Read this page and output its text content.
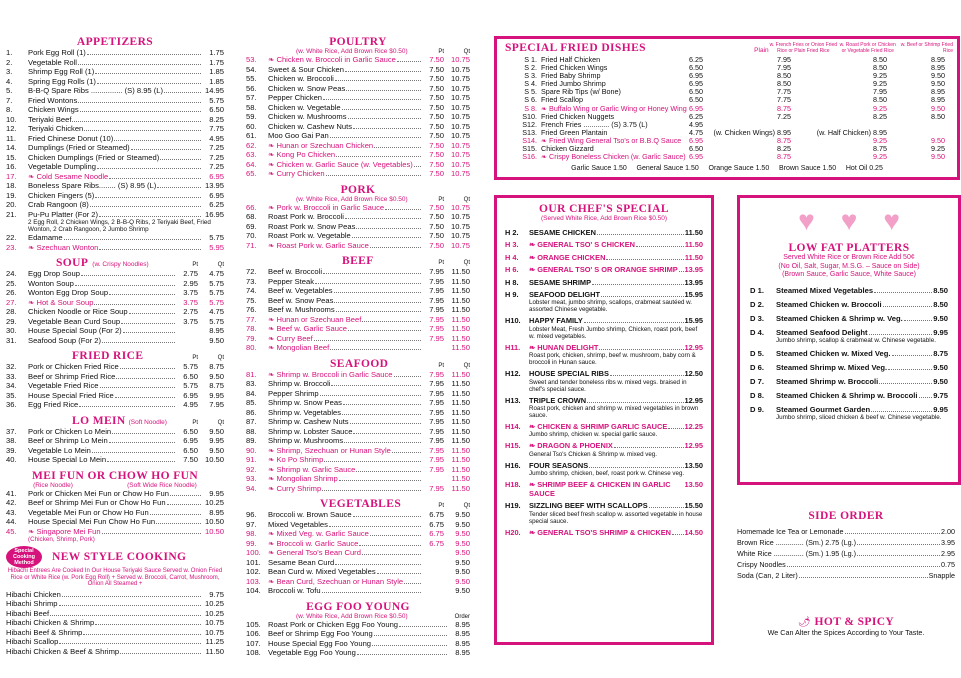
APPETIZERS
1.	Pork Egg Roll (1)	1.75
2.	Vegetable Roll	1.75
3.	Shrimp Egg Roll (1)	1.85
4.	Spring Egg Rolls (1)	1.85
5.	B-B-Q Spare Ribs ............... (S) 8.95 (L)	14.95
7.	Fried Wontons	5.75
8.	Chicken Wings	6.50
10.	Teriyaki Beef	8.25
12.	Teriyaki Chicken	7.75
11.	Fried Chinese Donut (10)	4.95
14.	Dumplings (Fried or Steamed)	7.25
15.	Chicken Dumplings (Fried or Steamed)	7.25
16.	Vegetable Dumpling	7.25
17.	❧ Cold Sesame Noodle	6.95
18.	Boneless Spare Ribs........ (S) 8.95 (L)	13.95
19.	Chicken Fingers (5)	6.95
20.	Crab Rangoon (8)	6.25
21.	Pu-Pu Platter (For 2)	16.95
2 Egg Roll, 2 Chicken Wings, 2 B-B-Q Ribs, 2 Teriyaki Beef, Fried Wonton, 2 Crab Rangoon, 2 Jumbo Shrimp
22.	Edamame	5.75
23.	❧ Szechuan Wonton	5.95
SOUP (w. Crispy Noodles)	Pt	Qt
24.	Egg Drop Soup	2.75	4.75
25.	Wonton Soup	2.95	5.75
26.	Wonton Egg Drop Soup	3.75	5.75
27.	❧ Hot & Sour Soup	3.75	5.75
28.	Chicken Noodle or Rice Soup	2.75	4.75
29.	Vegetable Bean Curd Soup	3.75	5.75
30.	House Special Soup (For 2)	8.95
31.	Seafood Soup (For 2)	9.50
FRIED RICE	Pt	Qt
32.	Pork or Chicken Fried Rice	5.75	8.75
33.	Beef or Shrimp Fried Rice	6.50	9.50
34.	Vegetable Fried Rice	5.75	8.75
35.	House Special Fried Rice	6.95	9.95
36.	Egg Fried Rice	4.95	7.95
LO MEIN (Soft Noodle)	Pt	Qt
37.	Pork or Chicken Lo Mein	6.50	9.50
38.	Beef or Shrimp Lo Mein	6.95	9.95
39.	Vegetable Lo Mein	6.50	9.50
40.	House Special Lo Mein	7.50 10.50
MEI FUN OR CHOW HO FUN
(Rice Noodle)	(Soft Wide Rice Noodle)
41.	Pork or Chicken Mei Fun or Chow Ho Fun	9.95
42.	Beef or Shrimp Mei Fun or Chow Ho Fun	10.25
43.	Vegetable Mei Fun or Chow Ho Fun	8.95
44.	House Special Mei Fun Chow Ho Fun	10.50
45.	❧ Singapore Mei Fun	10.50
(Chicken, Shrimp, Pork)
Special Cooking Method	NEW STYLE COOKING
Hibachi Entrees Are Cooked In Our House Teriyaki Sauce Served w. Onion Fried Rice or White Rice (w. Pork Egg Roll) + Served w. Broccoli, Carrot, Mushroom, Onion All Steamed +
Hibachi Chicken	9.75
Hibachi Shrimp	10.25
Hibachi Beef	10.25
Hibachi Chicken & Shrimp	10.75
Hibachi Beef & Shrimp	10.75
Hibachi Scallop	11.25
Hibachi Chicken & Beef & Shrimp	11.50
POULTRY
(w. White Rice, Add Brown Rice $0.50)	Pt	Qt
53.	❧ Chicken w. Broccoli in Garlic Sauce	7.50 10.75
54.	Sweet & Sour Chicken	7.50 10.75
55.	Chicken w. Broccoli	7.50 10.75
56.	Chicken w. Snow Peas	7.50 10.75
57.	Pepper Chicken	7.50 10.75
58.	Chicken w. Vegetable	7.50 10.75
59.	Chicken w. Mushrooms	7.50 10.75
60.	Chicken w. Cashew Nuts	7.50 10.75
61.	Moo Goo Gai Pan	7.50 10.75
62.	❧ Hunan or Szechuan Chicken	7.50 10.75
63.	❧ Kong Po Chicken	7.50 10.75
64.	❧ Chicken w. Garlic Sauce (w. Vegetables)	7.50 10.75
65.	❧ Curry Chicken	7.50 10.75
PORK
(w. White Rice, Add Brown Rice $0.50)	Pt	Qt
66.	❧ Pork w. Broccoli in Garlic Sauce	7.50 10.75
68.	Roast Pork w. Broccoli	7.50 10.75
69.	Roast Pork w. Snow Peas	7.50 10.75
70.	Roast Pork w. Vegetable	7.50 10.75
71.	❧ Roast Pork w. Garlic Sauce	7.50 10.75
BEEF	Pt	Qt
72.	Beef w. Broccoli	7.95 11.50
73.	Pepper Steak	7.95 11.50
74.	Beef w. Vegetables	7.95 11.50
75.	Beef w. Snow Peas	7.95 11.50
76.	Beef w. Mushrooms	7.95 11.50
77.	❧ Hunan or Szechuan Beef	7.95 11.50
78.	❧ Beef w. Garlic Sauce	7.95 11.50
79.	❧ Curry Beef	7.95 11.50
80.	❧ Mongolian Beef	11.50
SEAFOOD	Pt	Qt
81.	❧ Shrimp w. Broccoli in Garlic Sauce	7.95 11.50
83.	Shrimp w. Broccoli	7.95 11.50
84.	Pepper Shrimp	7.95 11.50
85.	Shrimp w. Snow Peas	7.95 11.50
86.	Shrimp w. Vegetables	7.95 11.50
87.	Shrimp w. Cashew Nuts	7.95 11.50
88.	Shrimp w. Lobster Sauce	7.95 11.50
89.	Shrimp w. Mushrooms	7.95 11.50
90.	❧ Shrimp, Szechuan or Hunan Style	7.95 11.50
91.	❧ Ko Po Shrimp	7.95 11.50
92.	❧ Shrimp w. Garlic Sauce	7.95 11.50
93.	❧ Mongolian Shrimp	11.50
94.	❧ Curry Shrimp	7.95 11.50
VEGETABLES	Pt	Qt
96.	Broccoli w. Brown Sauce	6.75	9.50
97.	Mixed Vegetables	6.75	9.50
98.	❧ Mixed Veg. w. Garlic Sauce	6.75	9.50
99.	❧ Broccoli w. Garlic Sauce	6.75	9.50
100. ❧ General Tso's Bean Curd	9.50
101. Sesame Bean Curd	9.50
102. Bean Curd w. Mixed Vegetables	9.50
103. ❧ Bean Curd, Szechuan or Hunan Style	9.50
104. Broccoli w. Tofu	9.50
EGG FOO YOUNG
(w. White Rice, Add Brown Rice $0.50)	Order
105. Roast Pork or Chicken Egg Foo Young	8.95
106. Beef or Shrimp Egg Foo Young	8.95
107. House Special Egg Foo Young	8.95
108. Vegetable Egg Foo Young	8.95
SPECIAL FRIED DISHES	Plain
w. French Fries or Onion Fried Rice or Plain Fried Rice
w. Roast Pork or Chicken or Vegetable Fried Rice
w. Beef or Shrimp Fried Rice
S 1. Fried Half Chicken	6.25	7.95	8.50	8.95
S 2. Fried Chicken Wings	6.50	7.95	8.50	8.95
S 3. Fried Baby Shrimp	6.95	8.50	9.25	9.50
S 4. Fried Jumbo Shrimp	6.95	8.50	9.25	9.50
S 5. Spare Rib Tips (w/ Bone)	6.50	7.75	7.95	8.95
S 6. Fried Scallop	6.50	7.75	8.50	8.95
S 8. ❧ Buffalo Wing or Garlic Wing or Honey Wing 6.95	8.75	9.25	9.50
S10. Fried Chicken Nuggets	6.25	7.25	8.25	8.50
S12. French Fries ............. (S) 3.75 (L)	4.95
S13. Fried Green Plantain	4.75	(w. Chicken Wings) 8.95	(w. Half Chicken) 8.95
S14. ❧ Fried Wing General Tso's or B.B.Q Sauce	6.95	8.75	9.25	9.50
S15. Chicken Gizzard	6.50	8.25	8.75	9.25
S16. ❧ Crispy Boneless Chicken (w. Garlic Sauce) 6.95	8.75	9.25	9.50
Garlic Sauce 1.50     General Sauce 1.50     Orange Sauce 1.50     Brown Sauce 1.50     Hot Oil 0.25
OUR CHEF'S SPECIAL
(Served White Rice, Add Brown Rice $0.50)
H 2.	SESAME CHICKEN	11.50
H 3.	❧ GENERAL TSO' S CHICKEN	11.50
H 4.	❧ ORANGE CHICKEN	11.50
H 6.	❧ GENERAL TSO' S OR ORANGE SHRIMP 13.95
H 8.	SESAME SHRIMP	13.95
H 9.	SEAFOOD DELIGHT	15.95
Lobster meat, jumbo shrimp, scallops, crabmeat sautéed w. assorted Chinese vegetable.
H10.	HAPPY FAMILY	15.95
Lobster Meat, Fresh Jumbo shrimp, Chicken, roast pork, beef w. mixed vegetables.
H11.	❧ HUNAN DELIGHT	12.95
Roast pork, chicken, shrimp, beef w. mushroom, baby corn & broccoli in Hunan sauce.
H12.	HOUSE SPECIAL RIBS	12.50
Sweet and tender boneless ribs w. mixed vegs. braised in chef's special sauce.
H13.	TRIPLE CROWN	12.95
Roast pork, chicken and shrimp w. mixed vegetables in brown sauce.
H14.	❧ CHICKEN & SHRIMP GARLIC SAUCE 12.25
Jumbo shrimp, chicken w. special garlic sauce.
H15.	❧ DRAGON & PHOENIX	12.95
General Tso's Chicken & Shrimp w. mixed veg.
H16.	FOUR SEASONS	13.50
Jumbo shrimp, chicken, beef, roast pork w. Chinese veg.
H18.	❧ SHRIMP BEEF & CHICKEN IN GARLIC SAUCE
13.50
H19.	SIZZLING BEEF WITH SCALLOPS	15.50
Tender sliced beef fresh scallop w. assorted vegetable in house special sauce.
H20.	❧ GENERAL TSO'S SHRIMP & CHICKEN 14.50
♥ ♥ ♥
LOW FAT PLATTERS
Served White Rice or Brown Rice Add 50¢
(No Oil, Salt, Sugar, M.S.G. – Sauce on Side)
(Brown Sauce, Garlic Sauce, White Sauce)
D 1.	Steamed Mixed Vegetables	8.50
D 2.	Steamed Chicken w. Broccoli	8.50
D 3.	Steamed Chicken & Shrimp w. Veg.	9.50
D 4.	Steamed Seafood Delight	9.95
Jumbo shrimp, scallop & crabmeat w. Chinese vegetable.
D 5.	Steamed Chicken w. Mixed Veg.	8.75
D 6.	Steamed Shrimp w. Mixed Veg.	9.50
D 7.	Steamed Shrimp w. Broccoli	9.50
D 8.	Steamed Chicken & Shrimp w. Broccoli 9.75
D 9.	Steamed Gourmet Garden	9.95
Jumbo shrimp, sliced chicken & beef w. Chinese vegetable.
SIDE ORDER
Homemade Ice Tea or Lemonade	2.00
Brown Rice .............. (Sm.) 2.75 (Lg.)	3.95
White Rice ............... (Sm.) 1.95 (Lg.)	2.95
Crispy Noodles	0.75
Soda (Can, 2 Liter)	Snapple
🌶 HOT & SPICY
We Can Alter the Spices According to Your Taste.
